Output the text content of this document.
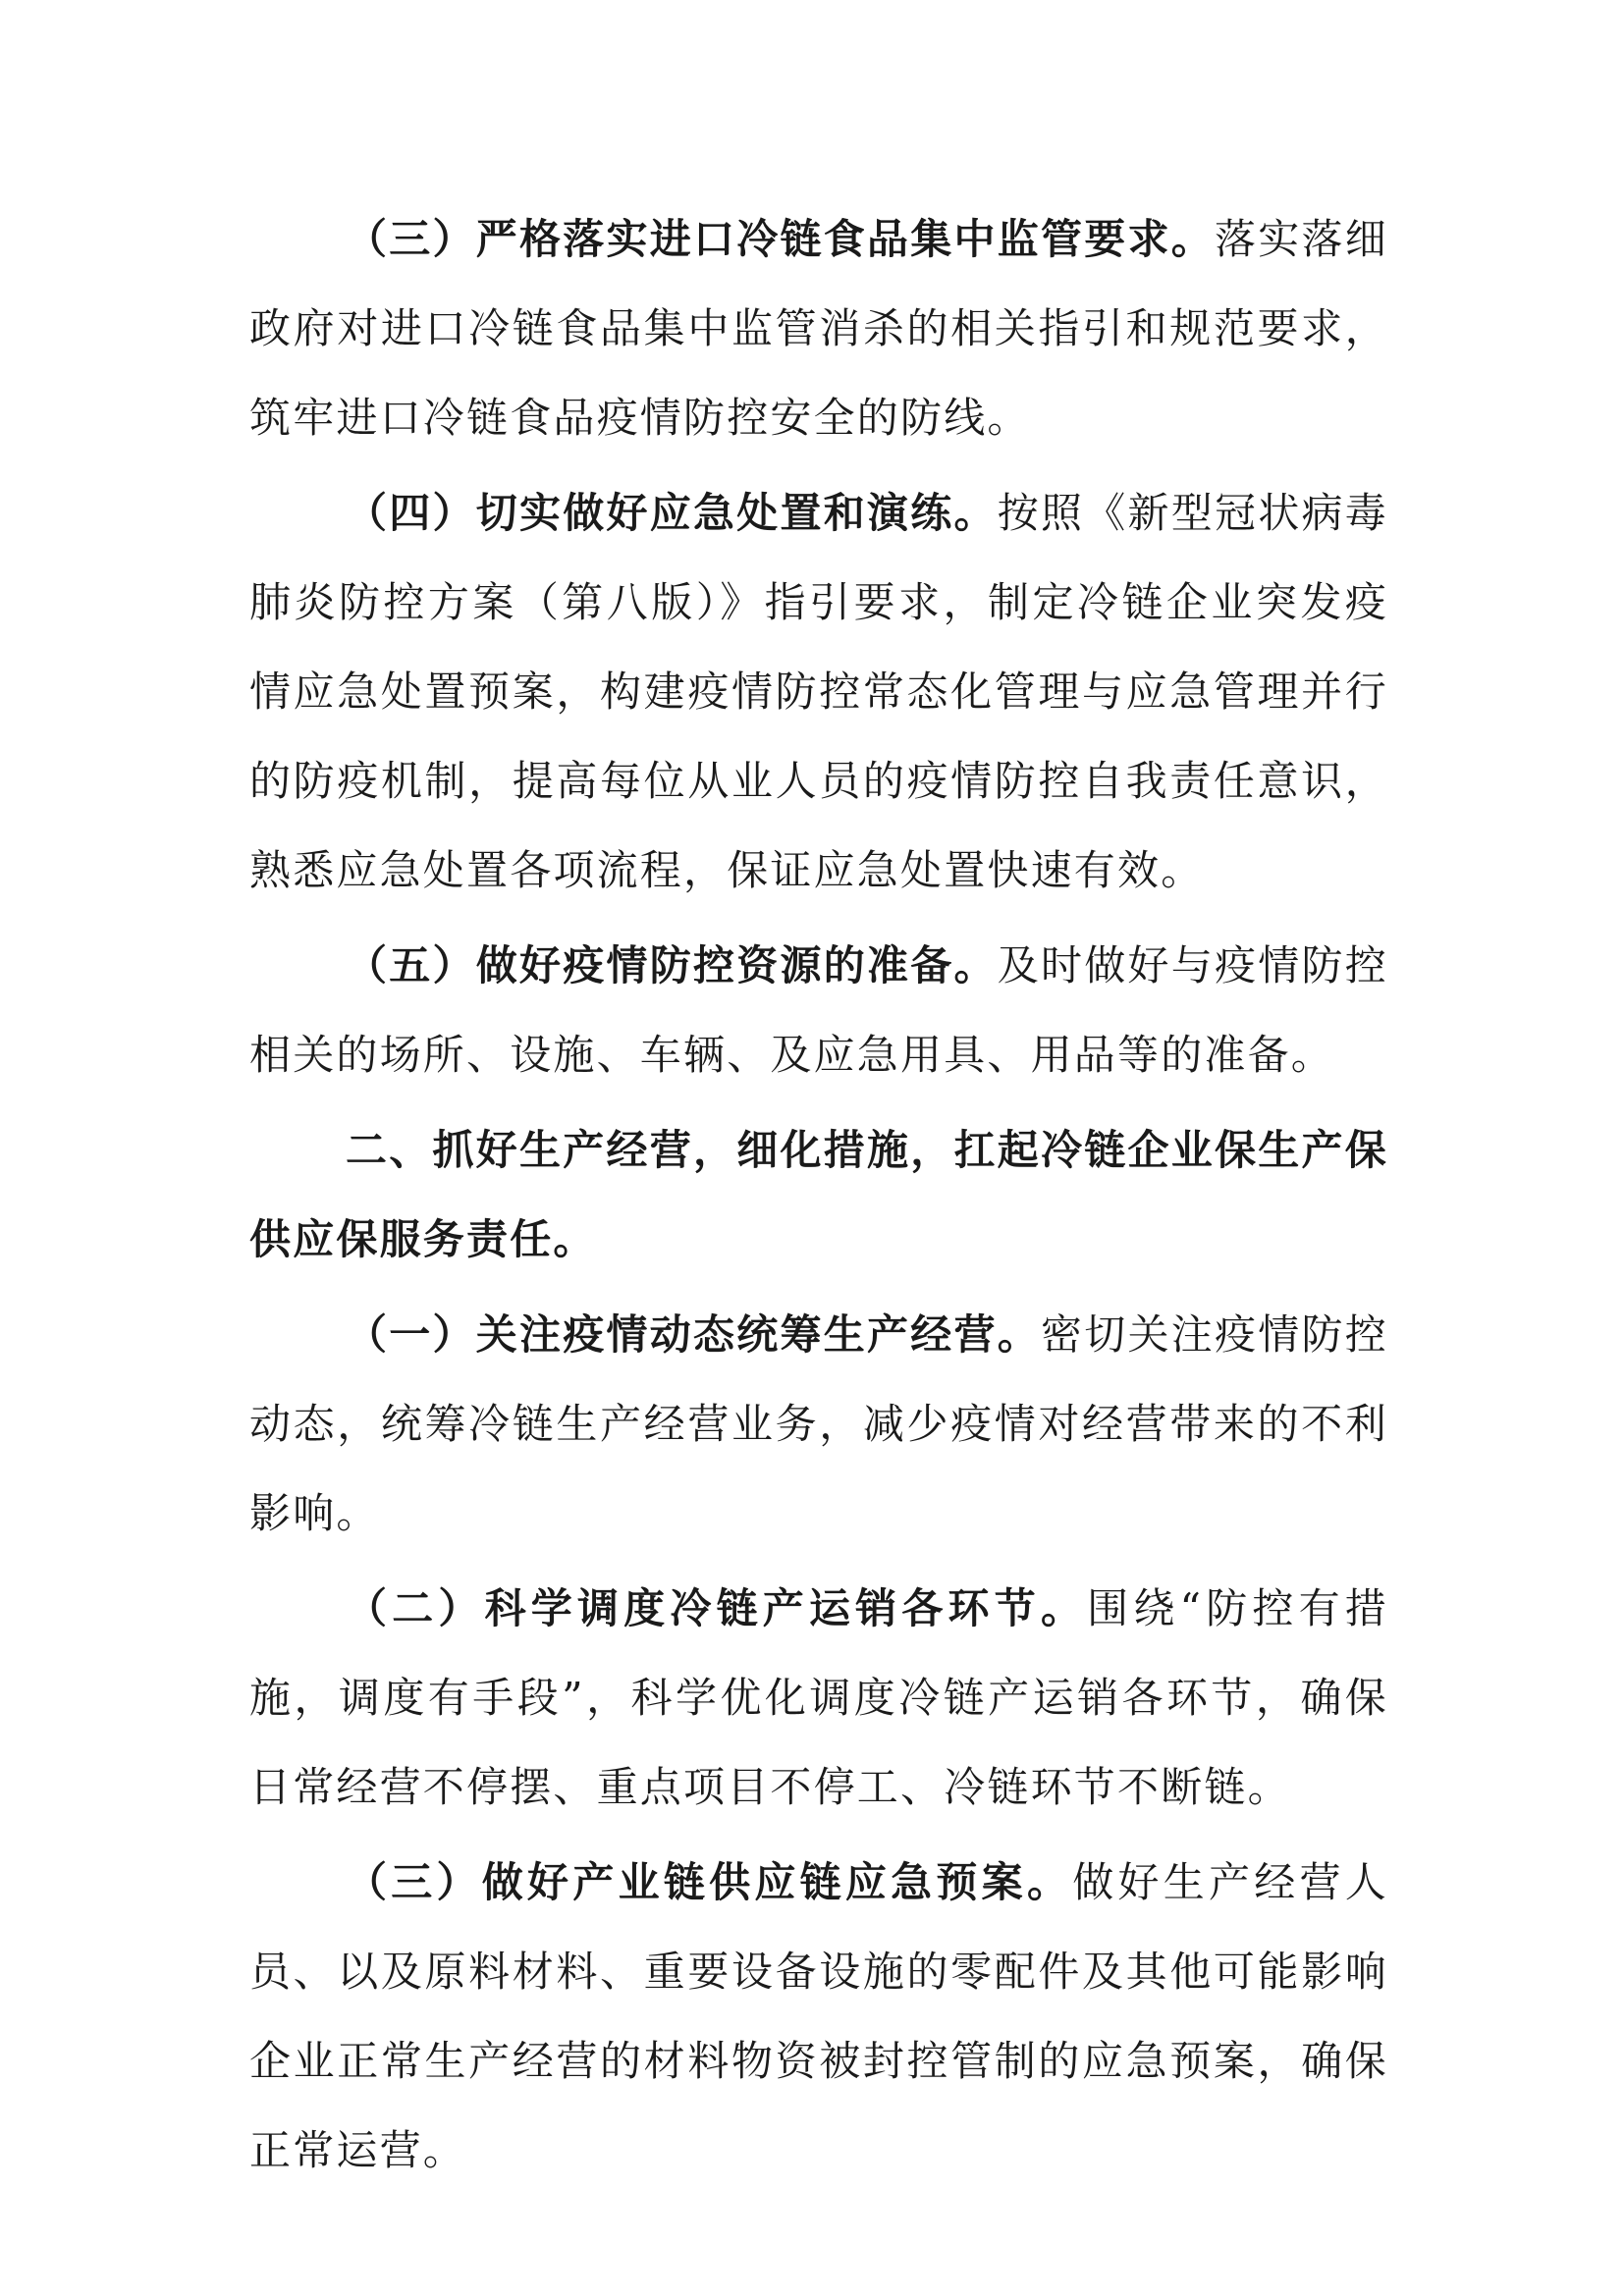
（三）严格落实进口冷链食品集中监管要求。落实落细政府对进口冷链食品集中监管消杀的相关指引和规范要求，筑牢进口冷链食品疫情防控安全的防线。

（四）切实做好应急处置和演练。按照《新型冠状病毒肺炎防控方案（第八版）》指引要求，制定冷链企业突发疫情应急处置预案，构建疫情防控常态化管理与应急管理并行的防疫机制，提高每位从业人员的疫情防控自我责任意识，熟悉应急处置各项流程，保证应急处置快速有效。

（五）做好疫情防控资源的准备。及时做好与疫情防控相关的场所、设施、车辆、及应急用具、用品等的准备。

二、抓好生产经营，细化措施，扛起冷链企业保生产保供应保服务责任。

（一）关注疫情动态统筹生产经营。密切关注疫情防控动态，统筹冷链生产经营业务，减少疫情对经营带来的不利影响。

（二）科学调度冷链产运销各环节。围绕“防控有措施，调度有手段”，科学优化调度冷链产运销各环节，确保日常经营不停摆、重点项目不停工、冷链环节不断链。

（三）做好产业链供应链应急预案。做好生产经营人员、以及原料材料、重要设备设施的零配件及其他可能影响企业正常生产经营的材料物资被封控管制的应急预案，确保正常运营。
